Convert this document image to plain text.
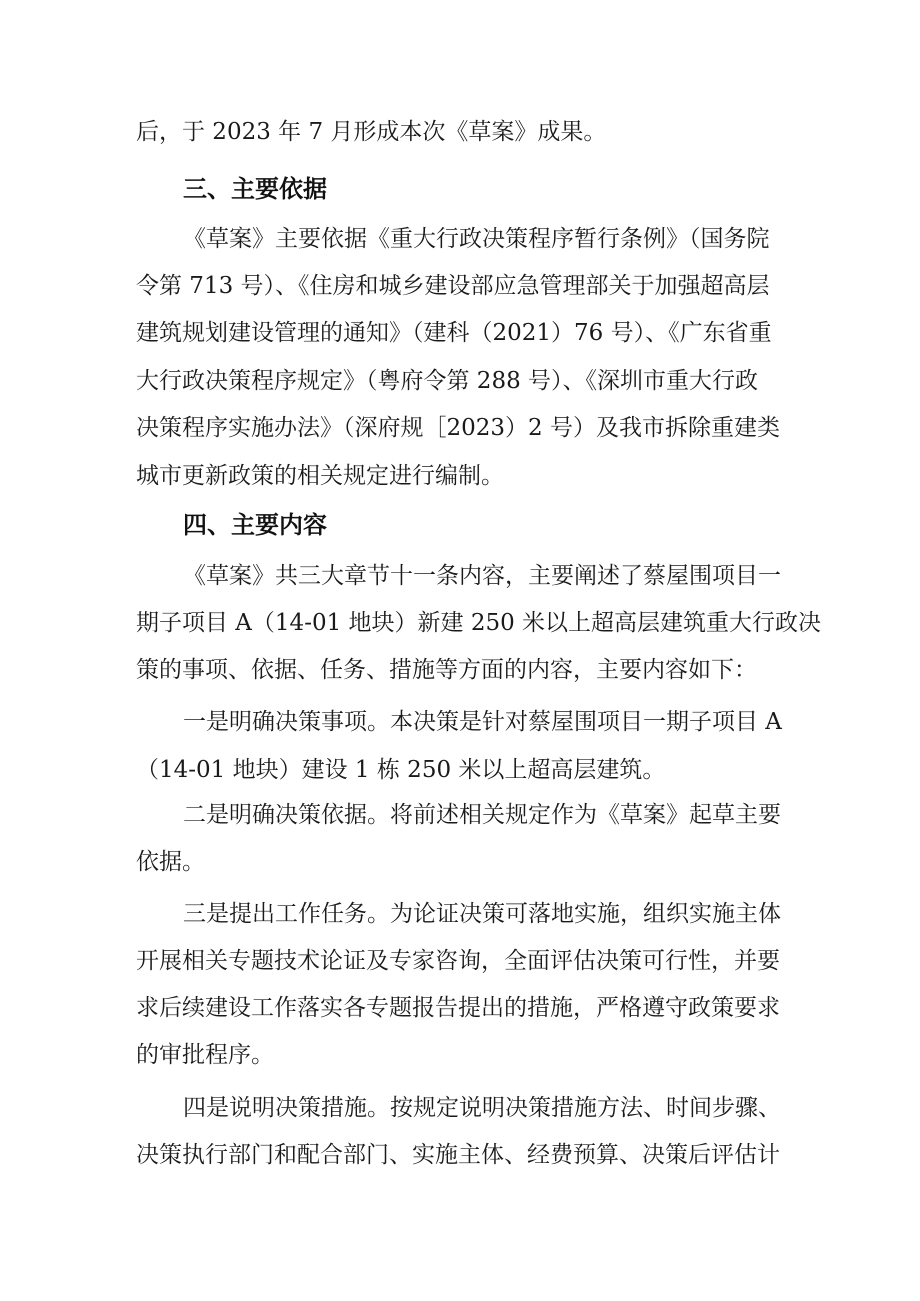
后，于 2023 年 7 月形成本次《草案》成果。
三、主要依据
《草案》主要依据《重大行政决策程序暂行条例》（国务院
令第 713 号）、《住房和城乡建设部应急管理部关于加强超高层
建筑规划建设管理的通知》（建科（2021）76 号）、《广东省重
大行政决策程序规定》（粤府令第 288 号）、《深圳市重大行政
决策程序实施办法》（深府规［2023）2 号）及我市拆除重建类
城市更新政策的相关规定进行编制。
四、主要内容
《草案》共三大章节十一条内容，主要阐述了蔡屋围项目一
期子项目 A（14-01 地块）新建 250 米以上超高层建筑重大行政决
策的事项、依据、任务、措施等方面的内容，主要内容如下：
一是明确决策事项。本决策是针对蔡屋围项目一期子项目 A
（14-01 地块）建设 1 栋 250 米以上超高层建筑。
二是明确决策依据。将前述相关规定作为《草案》起草主要
依据。
三是提出工作任务。为论证决策可落地实施，组织实施主体
开展相关专题技术论证及专家咨询，全面评估决策可行性，并要
求后续建设工作落实各专题报告提出的措施，严格遵守政策要求
的审批程序。
四是说明决策措施。按规定说明决策措施方法、时间步骤、
决策执行部门和配合部门、实施主体、经费预算、决策后评估计
